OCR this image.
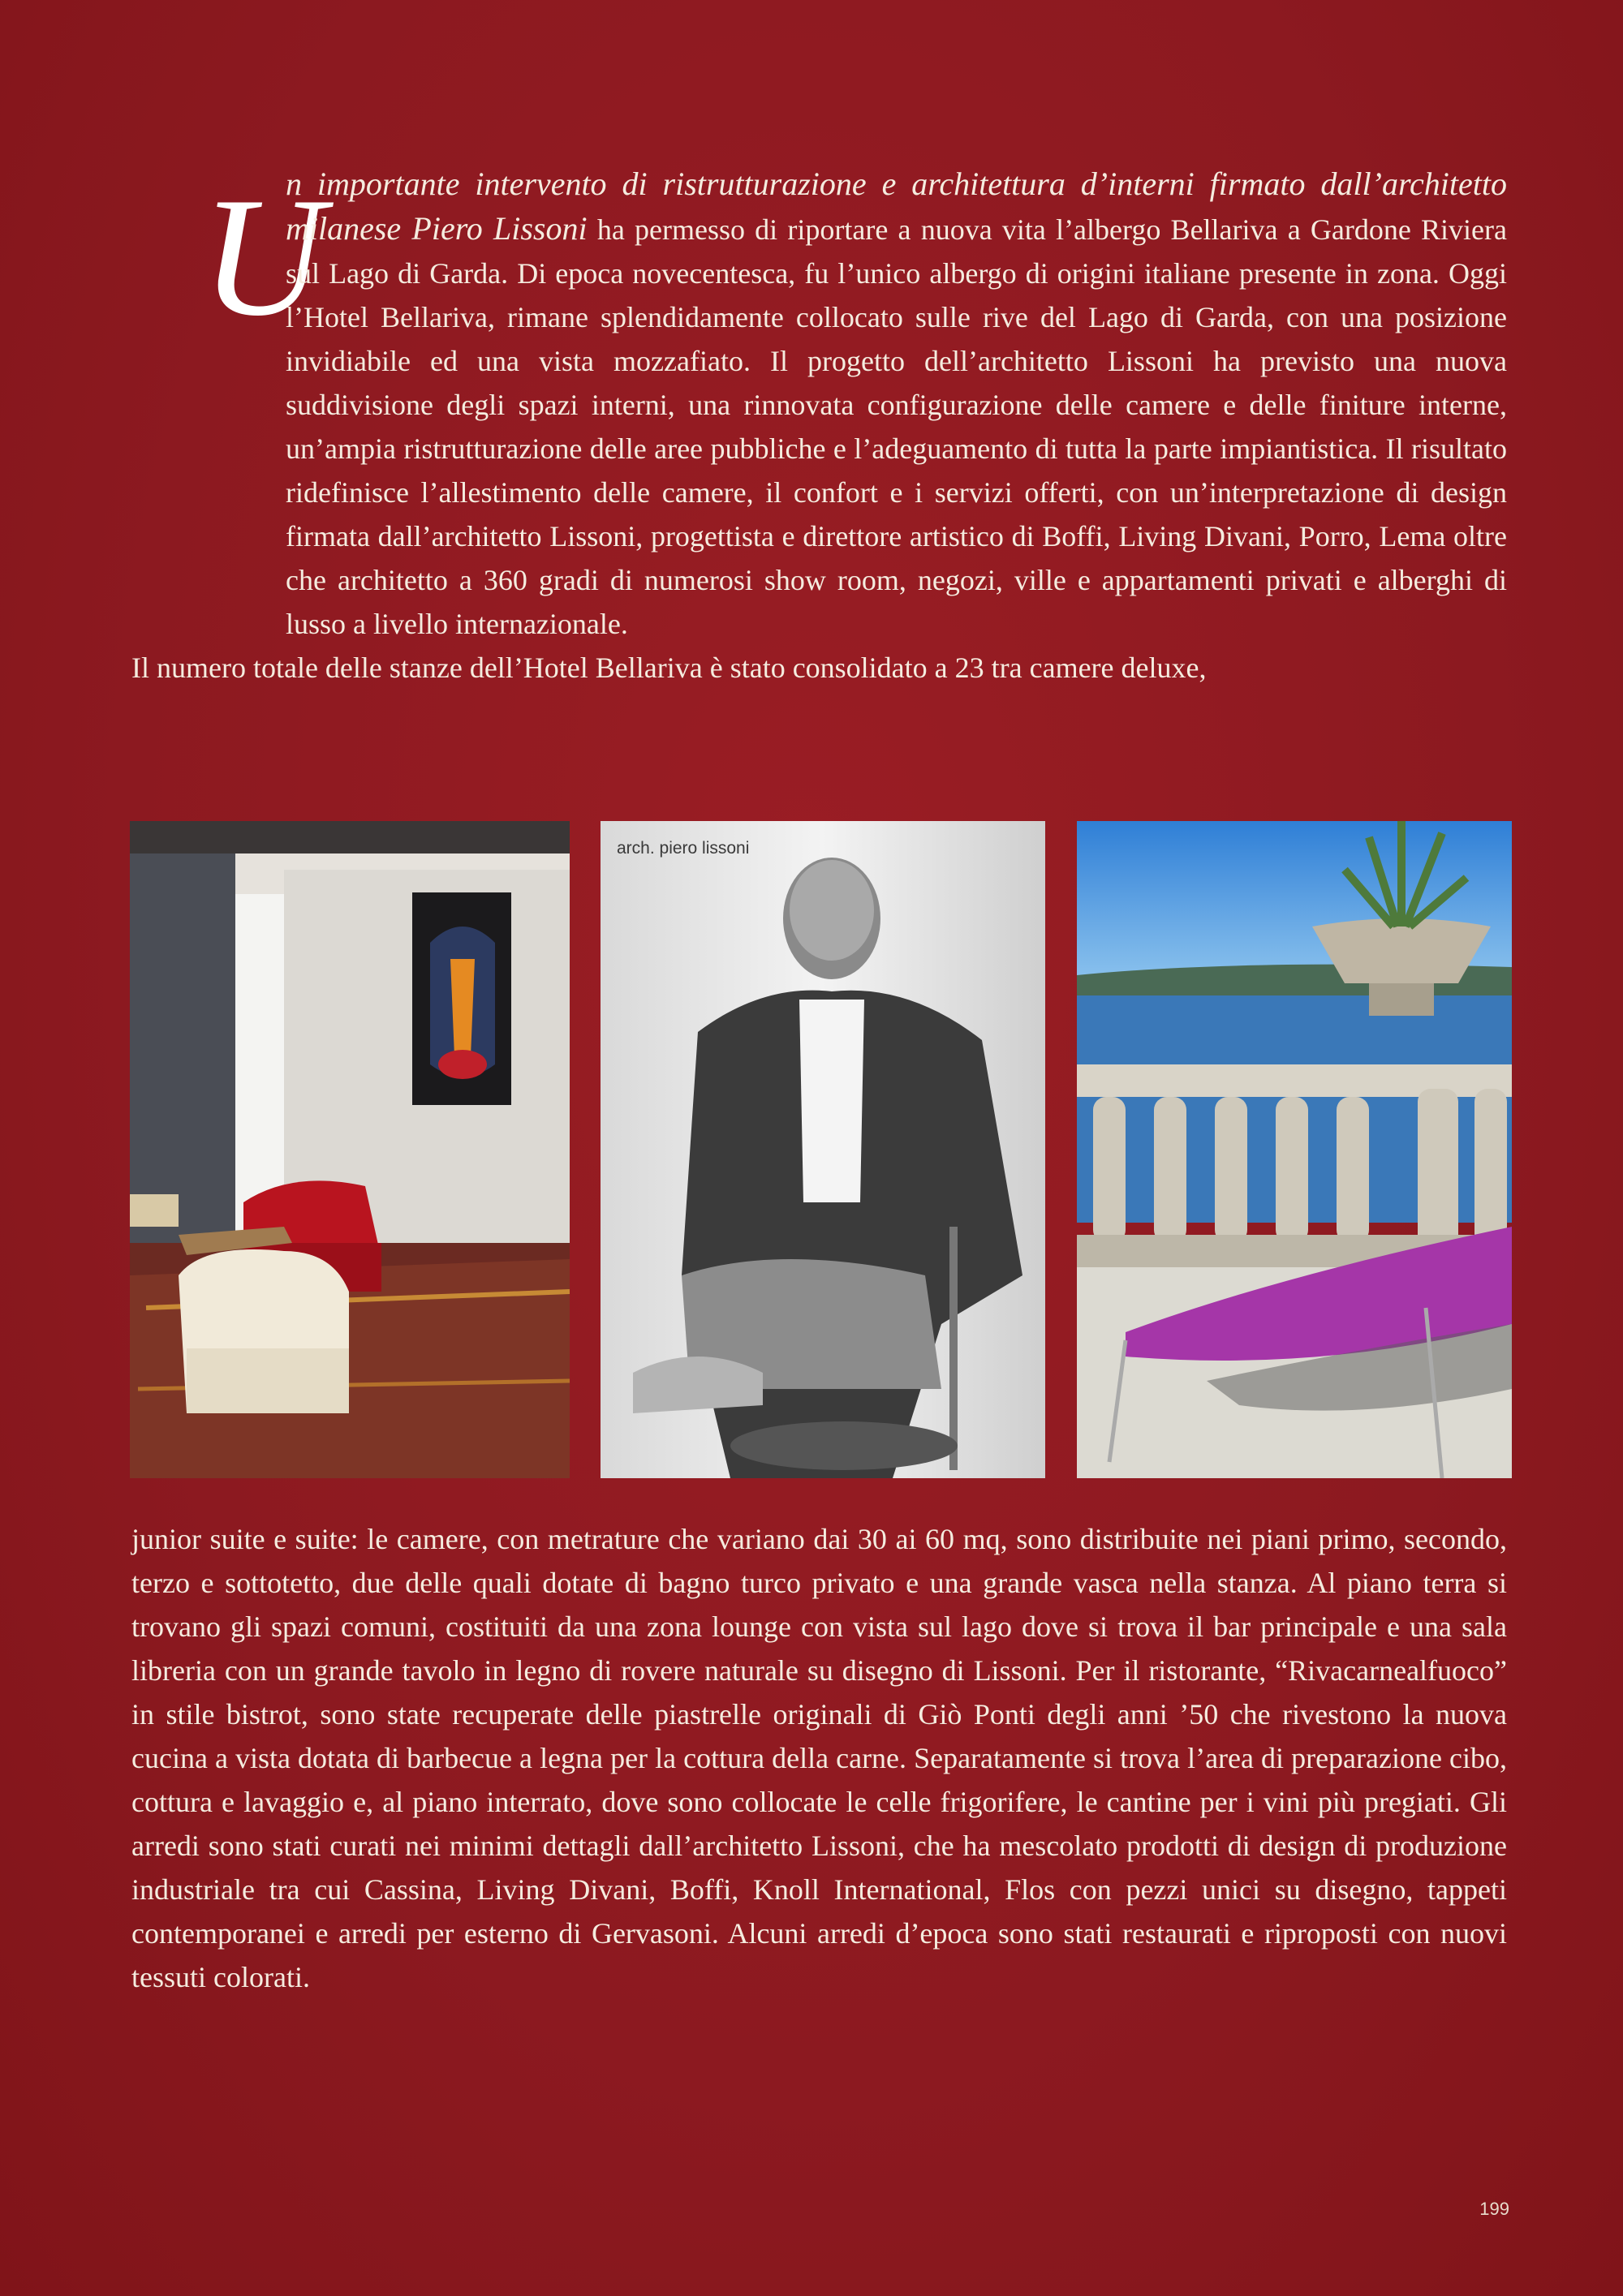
U

n importante intervento di ristrutturazione e architettura d’interni firmato dall’architetto milanese Piero Lissoni ha permesso di riportare a nuova vita l’albergo Bellariva a Gardone Riviera sul Lago di Garda. Di epoca novecentesca, fu l’unico albergo di origini italiane presente in zona. Oggi l’Hotel Bellariva, rimane splendidamente collocato sulle rive del Lago di Garda, con una posizione invidiabile ed una vista mozzafiato. Il progetto dell’architetto Lissoni ha previsto una nuova suddivisione degli spazi interni, una rinnovata configurazione delle camere e delle finiture interne, un’ampia ristrutturazione delle aree pubbliche e l’adeguamento di tutta la parte impiantistica. Il risultato ridefinisce l’allestimento delle camere, il confort e i servizi offerti, con un’interpretazione di design firmata dall’architetto Lissoni, progettista e direttore artistico di Boffi, Living Divani, Porro, Lema oltre che architetto a 360 gradi di numerosi show room, negozi, ville e appartamenti privati e alberghi di lusso a livello internazionale.

Il numero totale delle stanze dell’Hotel Bellariva è stato consolidato a 23 tra camere deluxe,

arch. piero lissoni

junior suite e suite: le camere, con metrature che variano dai 30 ai 60 mq, sono distribuite nei piani primo, secondo, terzo e sottotetto, due delle quali dotate di bagno turco privato e una grande vasca nella stanza. Al piano terra si trovano gli spazi comuni, costituiti da una zona lounge con vista sul lago dove si trova il bar principale e una sala libreria con un grande tavolo in legno di rovere naturale su disegno di Lissoni. Per il ristorante, “Rivacarnealfuoco” in stile bistrot, sono state recuperate delle piastrelle originali di Giò Ponti degli anni ’50 che rivestono la nuova cucina a vista dotata di barbecue a legna per la cottura della carne. Separatamente si trova l’area di preparazione cibo, cottura e lavaggio e, al piano interrato, dove sono collocate le celle frigorifere, le cantine per i vini più pregiati. Gli arredi sono stati curati nei minimi dettagli dall’architetto Lissoni, che ha mescolato prodotti di design di produzione industriale tra cui Cassina, Living Divani, Boffi, Knoll International, Flos con pezzi unici su disegno, tappeti contemporanei e arredi per esterno di Gervasoni. Alcuni arredi d’epoca sono stati restaurati e riproposti con nuovi tessuti colorati.

199
